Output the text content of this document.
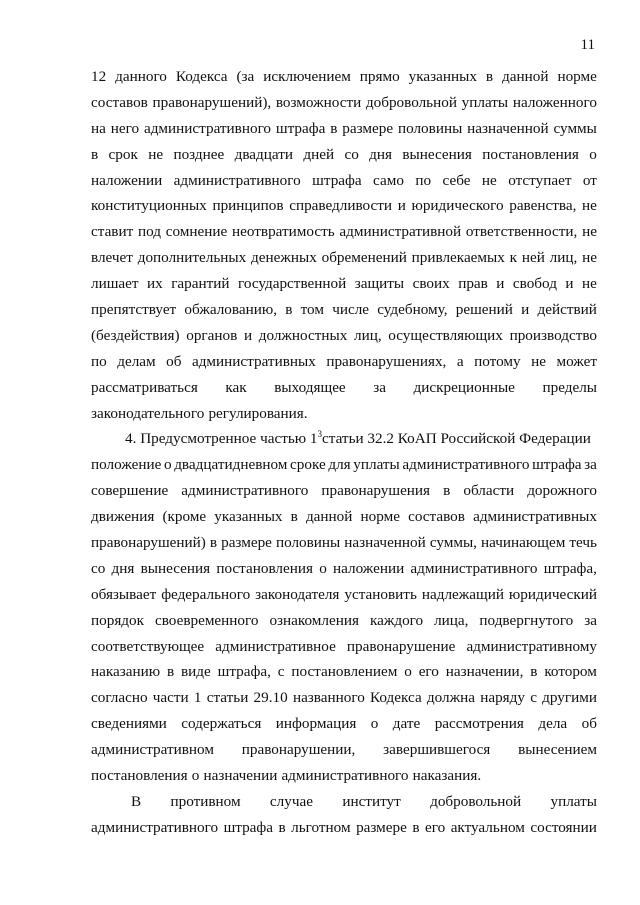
11
12 данного Кодекса (за исключением прямо указанных в данной норме
составов правонарушений), возможности добровольной уплаты наложенного
на него административного штрафа в размере половины назначенной суммы
в срок не позднее двадцати дней со дня вынесения постановления о
наложении административного штрафа само по себе не отступает от
конституционных принципов справедливости и юридического равенства, не
ставит под сомнение неотвратимость административной ответственности, не
влечет дополнительных денежных обременений привлекаемых к ней лиц, не
лишает их гарантий государственной защиты своих прав и свобод и не
препятствует обжалованию, в том числе судебному, решений и действий
(бездействия) органов и должностных лиц, осуществляющих производство
по делам об административных правонарушениях, а потому не может
рассматриваться как выходящее за дискреционные пределы
законодательного регулирования.
4. Предусмотренное частью $1^3статьи$ 32.2 КоАП Российской Федерации
положение о двадцатидневном сроке для уплаты административного штрафа за
совершение административного правонарушения в области дорожного
движения (кроме указанных в данной норме составов административных
правонарушений) в размере половины назначенной суммы, начинающем течь
со дня вынесения постановления о наложении административного штрафа,
обязывает федерального законодателя установить надлежащий юридический
порядок своевременного ознакомления каждого лица, подвергнутого за
соответствующее административное правонарушение административному
наказанию в виде штрафа, с постановлением о его назначении, в котором
согласно части 1 статьи 29.10 названного Кодекса должна наряду с другими
сведениями содержаться информация о дате рассмотрения дела об
административном правонарушении, завершившегося вынесением
постановления о назначении административного наказания.
В противном случае институт добровольной уплаты
административного штрафа в льготном размере в его актуальном состоянии
